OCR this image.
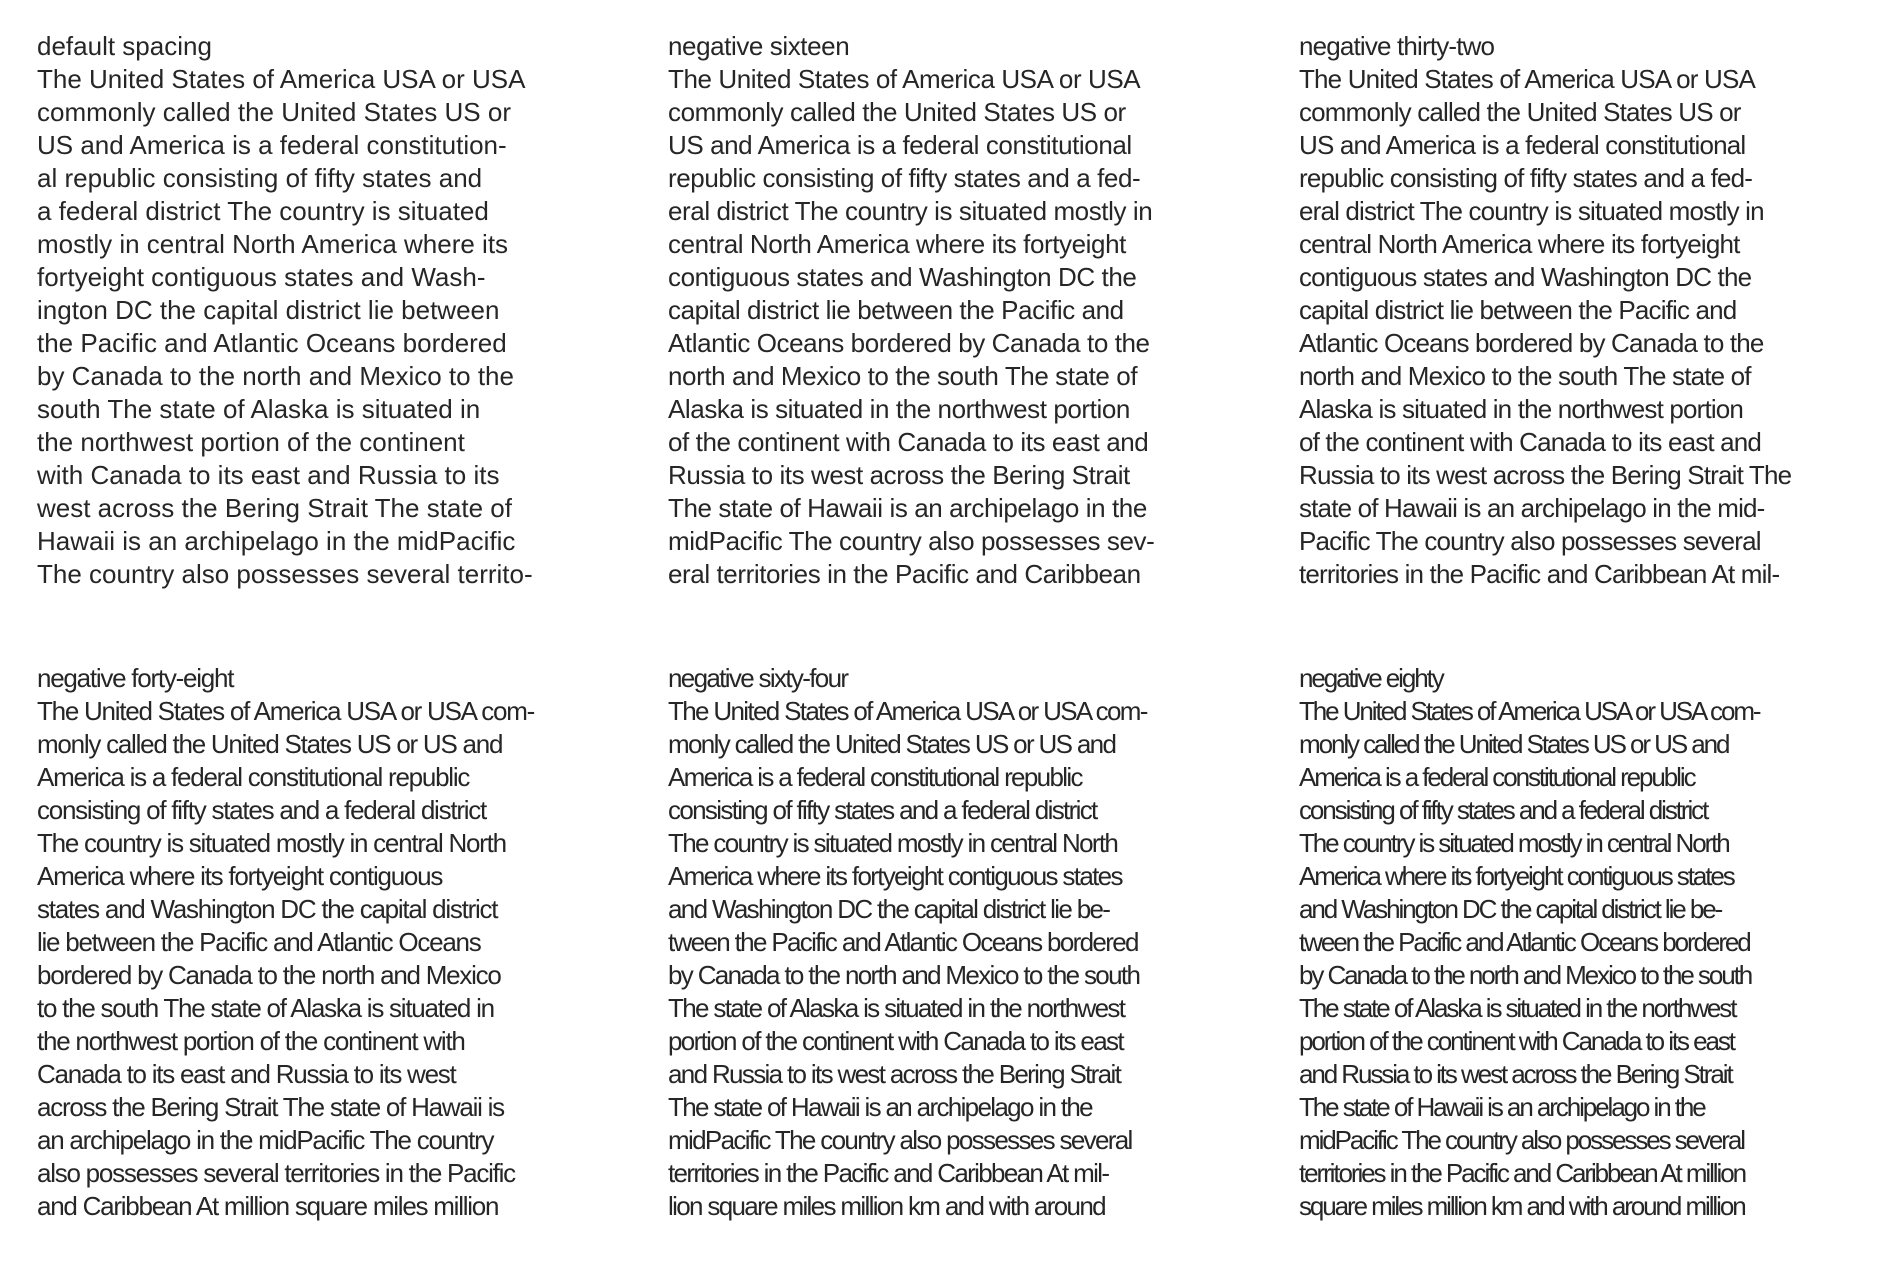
default spacing
The United States of America USA or USA
commonly called the United States US or
US and America is a federal constitution-
al republic consisting of fifty states and
a federal district The country is situated
mostly in central North America where its
fortyeight contiguous states and Wash-
ington DC the capital district lie between
the Pacific and Atlantic Oceans bordered
by Canada to the north and Mexico to the
south The state of Alaska is situated in
the northwest portion of the continent
with Canada to its east and Russia to its
west across the Bering Strait The state of
Hawaii is an archipelago in the midPacific
The country also possesses several territo-
negative sixteen
The United States of America USA or USA
commonly called the United States US or
US and America is a federal constitutional
republic consisting of fifty states and a fed-
eral district The country is situated mostly in
central North America where its fortyeight
contiguous states and Washington DC the
capital district lie between the Pacific and
Atlantic Oceans bordered by Canada to the
north and Mexico to the south The state of
Alaska is situated in the northwest portion
of the continent with Canada to its east and
Russia to its west across the Bering Strait
The state of Hawaii is an archipelago in the
midPacific The country also possesses sev-
eral territories in the Pacific and Caribbean
negative thirty-two
The United States of America USA or USA
commonly called the United States US or
US and America is a federal constitutional
republic consisting of fifty states and a fed-
eral district The country is situated mostly in
central North America where its fortyeight
contiguous states and Washington DC the
capital district lie between the Pacific and
Atlantic Oceans bordered by Canada to the
north and Mexico to the south The state of
Alaska is situated in the northwest portion
of the continent with Canada to its east and
Russia to its west across the Bering Strait The
state of Hawaii is an archipelago in the mid-
Pacific The country also possesses several
territories in the Pacific and Caribbean At mil-
negative forty-eight
The United States of America USA or USA com-
monly called the United States US or US and
America is a federal constitutional republic
consisting of fifty states and a federal district
The country is situated mostly in central North
America where its fortyeight contiguous
states and Washington DC the capital district
lie between the Pacific and Atlantic Oceans
bordered by Canada to the north and Mexico
to the south The state of Alaska is situated in
the northwest portion of the continent with
Canada to its east and Russia to its west
across the Bering Strait The state of Hawaii is
an archipelago in the midPacific The country
also possesses several territories in the Pacific
and Caribbean At million square miles million
negative sixty-four
The United States of America USA or USA com-
monly called the United States US or US and
America is a federal constitutional republic
consisting of fifty states and a federal district
The country is situated mostly in central North
America where its fortyeight contiguous states
and Washington DC the capital district lie be-
tween the Pacific and Atlantic Oceans bordered
by Canada to the north and Mexico to the south
The state of Alaska is situated in the northwest
portion of the continent with Canada to its east
and Russia to its west across the Bering Strait
The state of Hawaii is an archipelago in the
midPacific The country also possesses several
territories in the Pacific and Caribbean At mil-
lion square miles million km and with around
negative eighty
The United States of America USA or USA com-
monly called the United States US or US and
America is a federal constitutional republic
consisting of fifty states and a federal district
The country is situated mostly in central North
America where its fortyeight contiguous states
and Washington DC the capital district lie be-
tween the Pacific and Atlantic Oceans bordered
by Canada to the north and Mexico to the south
The state of Alaska is situated in the northwest
portion of the continent with Canada to its east
and Russia to its west across the Bering Strait
The state of Hawaii is an archipelago in the
midPacific The country also possesses several
territories in the Pacific and Caribbean At million
square miles million km and with around million
